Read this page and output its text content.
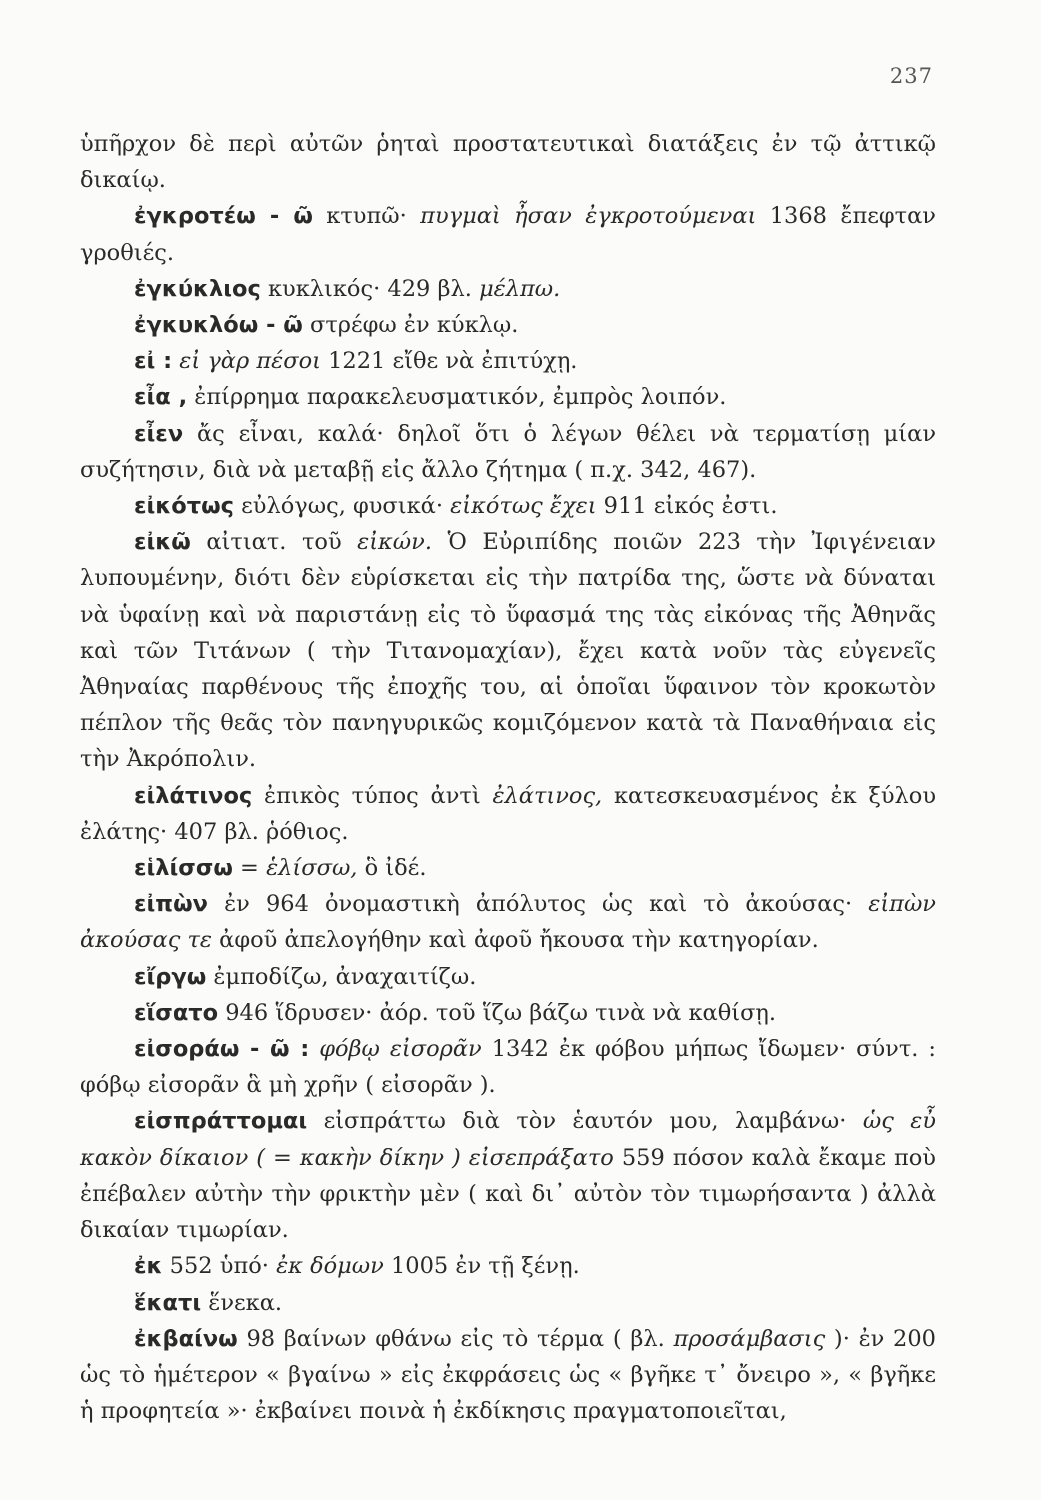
237

ὑπῆρχον δὲ περὶ αὐτῶν ῥηταὶ προστατευτικαὶ διατάξεις ἐν τῷ ἀττικῷ δικαίῳ.

ἐγκροτέω - ῶ κτυπῶ· πυγμαὶ ἦσαν ἐγκροτούμεναι 1368 ἔπεφταν γροθιές.

ἐγκύκλιος κυκλικός· 429 βλ. μέλπω.

ἐγκυκλόω - ῶ στρέφω ἐν κύκλῳ.

εἰ : εἰ γὰρ πέσοι 1221 εἴθε νὰ ἐπιτύχῃ.

εἶα , ἐπίρρημα παρακελευσματικόν, ἐμπρὸς λοιπόν.

εἶεν ἄς εἶναι, καλά· δηλοῖ ὅτι ὁ λέγων θέλει νὰ τερματίσῃ μίαν συζήτησιν, διὰ νὰ μεταβῇ εἰς ἄλλο ζήτημα ( π.χ. 342, 467).

εἰκότως εὐλόγως, φυσικά· εἰκότως ἔχει 911 εἰκός ἐστι.

εἰκῶ αἰτιατ. τοῦ εἰκών. Ὁ Εὐριπίδης ποιῶν 223 τὴν Ἰφιγένειαν λυπουμένην, διότι δὲν εὑρίσκεται εἰς τὴν πατρίδα της, ὥστε νὰ δύναται νὰ ὑφαίνῃ καὶ νὰ παριστάνῃ εἰς τὸ ὕφασμά της τὰς εἰκόνας τῆς Ἀθηνᾶς καὶ τῶν Τιτάνων ( τὴν Τιτανομαχίαν), ἔχει κατὰ νοῦν τὰς εὐγενεῖς Ἀθηναίας παρθένους τῆς ἐποχῆς του, αἱ ὁποῖαι ὕφαινον τὸν κροκωτὸν πέπλον τῆς θεᾶς τὸν πανηγυρικῶς κομιζόμενον κατὰ τὰ Παναθήναια εἰς τὴν Ἀκρόπολιν.

εἰλάτινος ἐπικὸς τύπος ἀντὶ ἐλάτινος, κατεσκευασμένος ἐκ ξύλου ἐλάτης· 407 βλ. ῥόθιος.

εἱλίσσω = ἑλίσσω, ὃ ἰδέ.

εἰπὼν ἐν 964 ὀνομαστικὴ ἀπόλυτος ὡς καὶ τὸ ἀκούσας· εἰπὼν ἀκούσας τε ἀφοῦ ἀπελογήθην καὶ ἀφοῦ ἤκουσα τὴν κατηγορίαν.

εἴργω ἐμποδίζω, ἀναχαιτίζω.

εἵσατο 946 ἵδρυσεν· ἀόρ. τοῦ ἵζω βάζω τινὰ νὰ καθίσῃ.

εἰσοράω - ῶ : φόβῳ εἰσορᾶν 1342 ἐκ φόβου μήπως ἴδωμεν· σύντ. : φόβῳ εἰσορᾶν ἃ μὴ χρῆν ( εἰσορᾶν ).

εἰσπράττομαι εἰσπράττω διὰ τὸν ἑαυτόν μου, λαμβάνω· ὡς εὖ κακὸν δίκαιον ( = κακὴν δίκην ) εἰσεπράξατο 559 πόσον καλὰ ἔκαμε ποὺ ἐπέβαλεν αὐτὴν τὴν φρικτὴν μὲν ( καὶ δι᾿ αὐτὸν τὸν τιμωρήσαντα ) ἀλλὰ δικαίαν τιμωρίαν.

ἐκ 552 ὑπό· ἐκ δόμων 1005 ἐν τῇ ξένῃ.

ἕκατι ἕνεκα.

ἐκβαίνω 98 βαίνων φθάνω εἰς τὸ τέρμα ( βλ. προσάμβασις )· ἐν 200 ὡς τὸ ἡμέτερον « βγαίνω » εἰς ἐκφράσεις ὡς « βγῆκε τ᾿ ὄνειρο », « βγῆκε ἡ προφητεία »· ἐκβαίνει ποινὰ ἡ ἐκδίκησις πραγματοποιεῖται,
